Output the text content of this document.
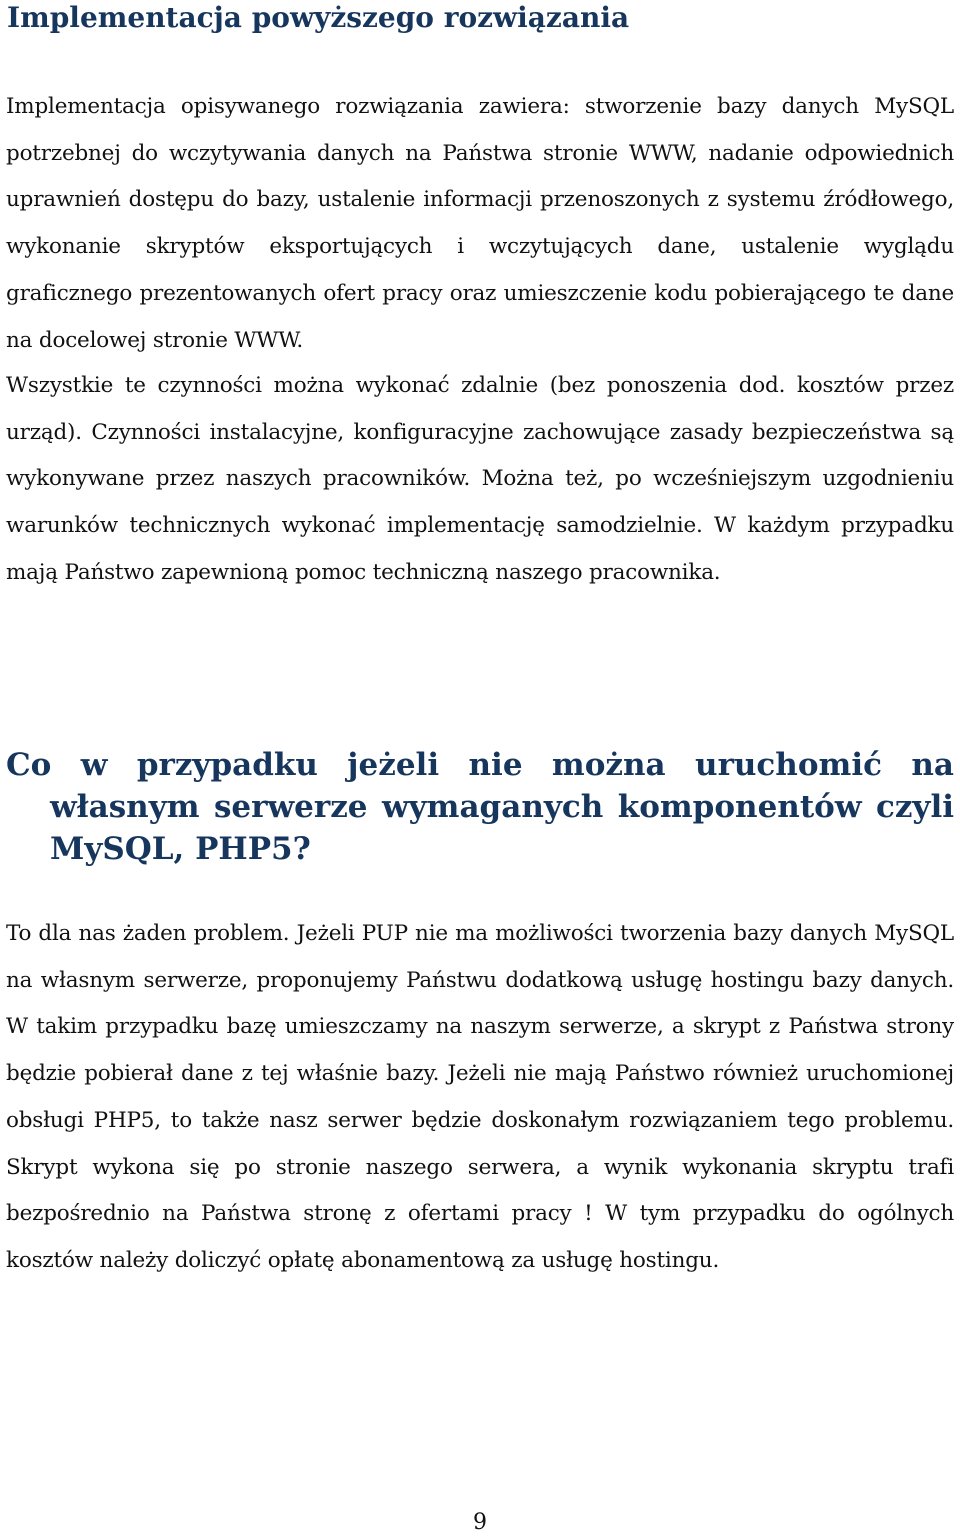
Implementacja powyższego rozwiązania

Implementacja opisywanego rozwiązania zawiera: stworzenie bazy danych MySQL potrzebnej do wczytywania danych na Państwa stronie WWW, nadanie odpowiednich uprawnień dostępu do bazy, ustalenie informacji przenoszonych z systemu źródłowego, wykonanie skryptów eksportujących i wczytujących dane, ustalenie wyglądu graficznego prezentowanych ofert pracy oraz umieszczenie kodu pobierającego te dane na docelowej stronie WWW.

Wszystkie te czynności można wykonać zdalnie (bez ponoszenia dod. kosztów przez urząd). Czynności instalacyjne, konfiguracyjne zachowujące zasady bezpieczeństwa są wykonywane przez naszych pracowników. Można też, po wcześniejszym uzgodnieniu warunków technicznych wykonać implementację samodzielnie. W każdym przypadku mają Państwo zapewnioną pomoc techniczną naszego pracownika.

Co w przypadku jeżeli nie można uruchomić na własnym serwerze wymaganych komponentów czyli MySQL, PHP5?

To dla nas żaden problem. Jeżeli PUP nie ma możliwości tworzenia bazy danych MySQL na własnym serwerze, proponujemy Państwu dodatkową usługę hostingu bazy danych. W takim przypadku bazę umieszczamy na naszym serwerze, a skrypt z Państwa strony będzie pobierał dane z tej właśnie bazy. Jeżeli nie mają Państwo również uruchomionej obsługi PHP5, to także nasz serwer będzie doskonałym rozwiązaniem tego problemu. Skrypt wykona się po stronie naszego serwera, a wynik wykonania skryptu trafi bezpośrednio na Państwa stronę z ofertami pracy ! W tym przypadku do ogólnych kosztów należy doliczyć opłatę abonamentową za usługę hostingu.

9
